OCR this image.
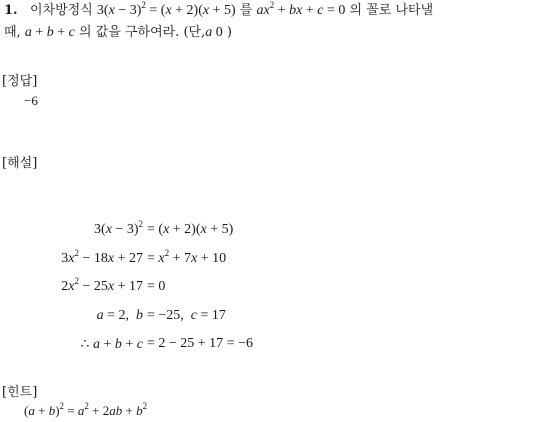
1. 이차방정식 $3(x - 3)^2 = (x + 2)(x + 5)$ 를 $ax^2$ + bx + c = 0 의 꼴로 나타낼
때, a + b + c 의 값을 구하여라. (단,a 0 )
[정답]
−6
[해설]
$3(x - 3)^2 = (x + 2)(x + 5)$
$3x^2 - 18x + 27 = x^2 + 7x + 10$
$2x^2 - 25x + 17 = 0$
a = 2,  b = −25,  c = 17
∴ a + b + c = 2 − 25 + 17 = −6
[힌트]
$(a + b)^2 = a^2 + 2ab + b^2$
